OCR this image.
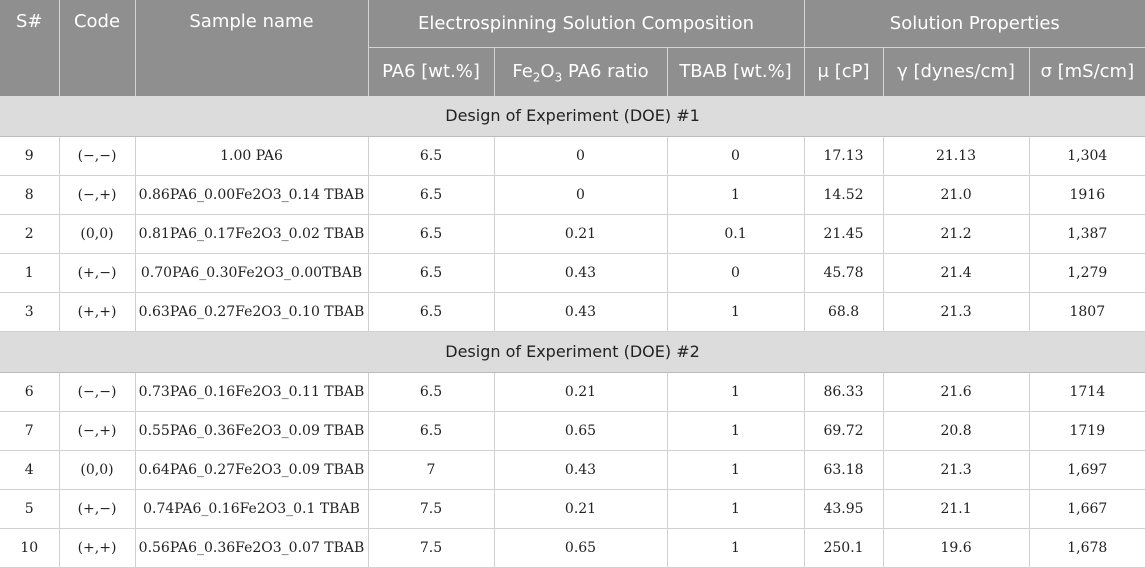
S#	Code	Sample name	Electrospinning Solution Composition			Solution Properties		
			PA6 [wt.%]	$Fe_2O_3$ PA6 ratio	TBAB [wt.%]	μ [cP]	γ [dynes/cm]	σ [mS/cm]
Design of Experiment (DOE) #1								
9	(−,−)	1.00 PA6	6.5	0	0	17.13	21.13	1,304
8	(−,+)	0.86PA6_0.00Fe2O3_0.14 TBAB	6.5	0	1	14.52	21.0	1916
2	(0,0)	0.81PA6_0.17Fe2O3_0.02 TBAB	6.5	0.21	0.1	21.45	21.2	1,387
1	(+,−)	0.70PA6_0.30Fe2O3_0.00TBAB	6.5	0.43	0	45.78	21.4	1,279
3	(+,+)	0.63PA6_0.27Fe2O3_0.10 TBAB	6.5	0.43	1	68.8	21.3	1807
Design of Experiment (DOE) #2								
6	(−,−)	0.73PA6_0.16Fe2O3_0.11 TBAB	6.5	0.21	1	86.33	21.6	1714
7	(−,+)	0.55PA6_0.36Fe2O3_0.09 TBAB	6.5	0.65	1	69.72	20.8	1719
4	(0,0)	0.64PA6_0.27Fe2O3_0.09 TBAB	7	0.43	1	63.18	21.3	1,697
5	(+,−)	0.74PA6_0.16Fe2O3_0.1 TBAB	7.5	0.21	1	43.95	21.1	1,667
10	(+,+)	0.56PA6_0.36Fe2O3_0.07 TBAB	7.5	0.65	1	250.1	19.6	1,678
